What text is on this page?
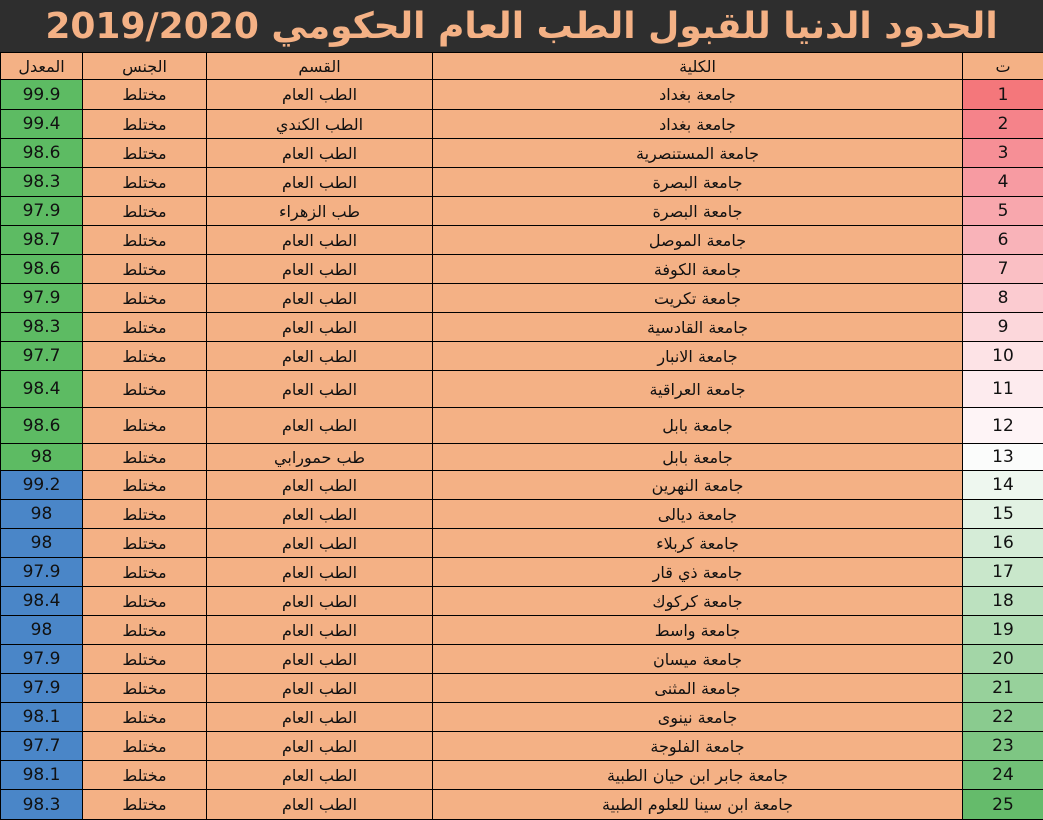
الحدود الدنيا للقبول الطب العام الحكومي 2019/2020
المعدل	الجنس	القسم	الكلية	ت
99.9	مختلط	الطب العام	جامعة بغداد	1
99.4	مختلط	الطب الكندي	جامعة بغداد	2
98.6	مختلط	الطب العام	جامعة المستنصرية	3
98.3	مختلط	الطب العام	جامعة البصرة	4
97.9	مختلط	طب الزهراء	جامعة البصرة	5
98.7	مختلط	الطب العام	جامعة الموصل	6
98.6	مختلط	الطب العام	جامعة الكوفة	7
97.9	مختلط	الطب العام	جامعة تكريت	8
98.3	مختلط	الطب العام	جامعة القادسية	9
97.7	مختلط	الطب العام	جامعة الانبار	10
98.4	مختلط	الطب العام	جامعة العراقية	11
98.6	مختلط	الطب العام	جامعة بابل	12
98	مختلط	طب حمورابي	جامعة بابل	13
99.2	مختلط	الطب العام	جامعة النهرين	14
98	مختلط	الطب العام	جامعة ديالى	15
98	مختلط	الطب العام	جامعة كربلاء	16
97.9	مختلط	الطب العام	جامعة ذي قار	17
98.4	مختلط	الطب العام	جامعة كركوك	18
98	مختلط	الطب العام	جامعة واسط	19
97.9	مختلط	الطب العام	جامعة ميسان	20
97.9	مختلط	الطب العام	جامعة المثنى	21
98.1	مختلط	الطب العام	جامعة نينوى	22
97.7	مختلط	الطب العام	جامعة الفلوجة	23
98.1	مختلط	الطب العام	جامعة جابر ابن حيان الطبية	24
98.3	مختلط	الطب العام	جامعة ابن سينا للعلوم الطبية	25
